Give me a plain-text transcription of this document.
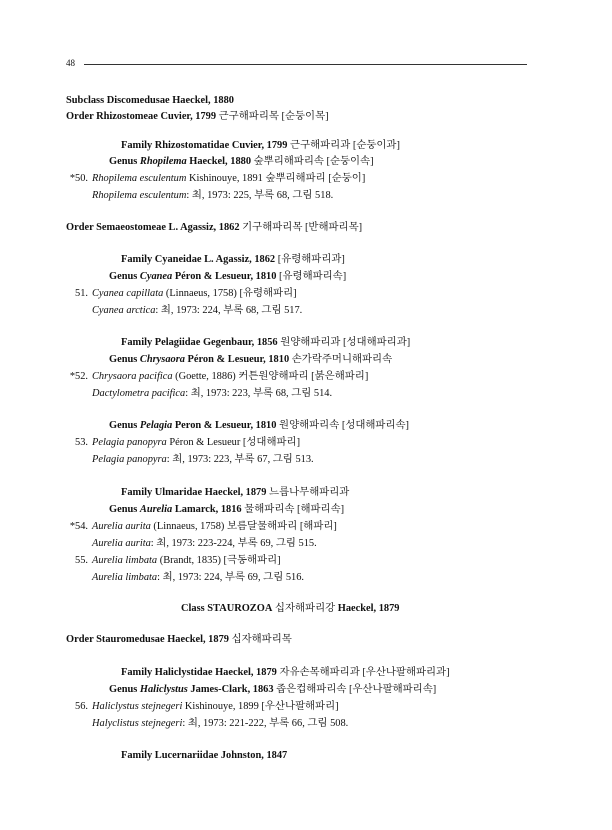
48
Subclass Discomedusae Haeckel, 1880
Order Rhizostomeae Cuvier, 1799 근구해파리목 [순둥이목]
Family Rhizostomatidae Cuvier, 1799 근구해파리과 [순둥이과]
Genus Rhopilema Haeckel, 1880 숲뿌리해파리속 [순둥이속]
*50. Rhopilema esculentum Kishinouye, 1891 숲뿌리해파리 [순둥이]
Rhopilema esculentum: 최, 1973: 225, 부록 68, 그림 518.
Order Semaeostomeae L. Agassiz, 1862 기구해파리목 [반해파리목]
Family Cyaneidae L. Agassiz, 1862 [유령해파리과]
Genus Cyanea Péron & Lesueur, 1810 [유령해파리속]
51. Cyanea capillata (Linnaeus, 1758) [유령해파리]
Cyanea arctica: 최, 1973: 224, 부록 68, 그림 517.
Family Pelagiidae Gegenbaur, 1856 원양해파리과 [성대해파리과]
Genus Chrysaora Péron & Lesueur, 1810 손가락주머니해파리속
*52. Chrysaora pacifica (Goette, 1886) 커튼원양해파리 [붉은해파리]
Dactylometra pacifica: 최, 1973: 223, 부록 68, 그림 514.
Genus Pelagia Peron & Lesueur, 1810 원양해파리속 [성대해파리속]
53. Pelagia panopyra Péron & Lesueur [성대해파리]
Pelagia panopyra: 최, 1973: 223, 부록 67, 그림 513.
Family Ulmaridae Haeckel, 1879 느릅나무해파리과
Genus Aurelia Lamarck, 1816 물해파리속 [해파리속]
*54. Aurelia aurita (Linnaeus, 1758) 보름달물해파리 [해파리]
Aurelia aurita: 최, 1973: 223-224, 부록 69, 그림 515.
55. Aurelia limbata (Brandt, 1835) [극동해파리]
Aurelia limbata: 최, 1973: 224, 부록 69, 그림 516.
Class STAUROZOA 십자해파리강 Haeckel, 1879
Order Stauromedusae Haeckel, 1879 십자해파리목
Family Haliclystidae Haeckel, 1879 자유손목해파리과 [우산나팔해파리과]
Genus Haliclystus James-Clark, 1863 좁은컵해파리속 [우산나팔해파리속]
56. Haliclystus stejnegeri Kishinouye, 1899 [우산나팔해파리]
Halyclistus stejnegeri: 최, 1973: 221-222, 부록 66, 그림 508.
Family Lucernariidae Johnston, 1847
